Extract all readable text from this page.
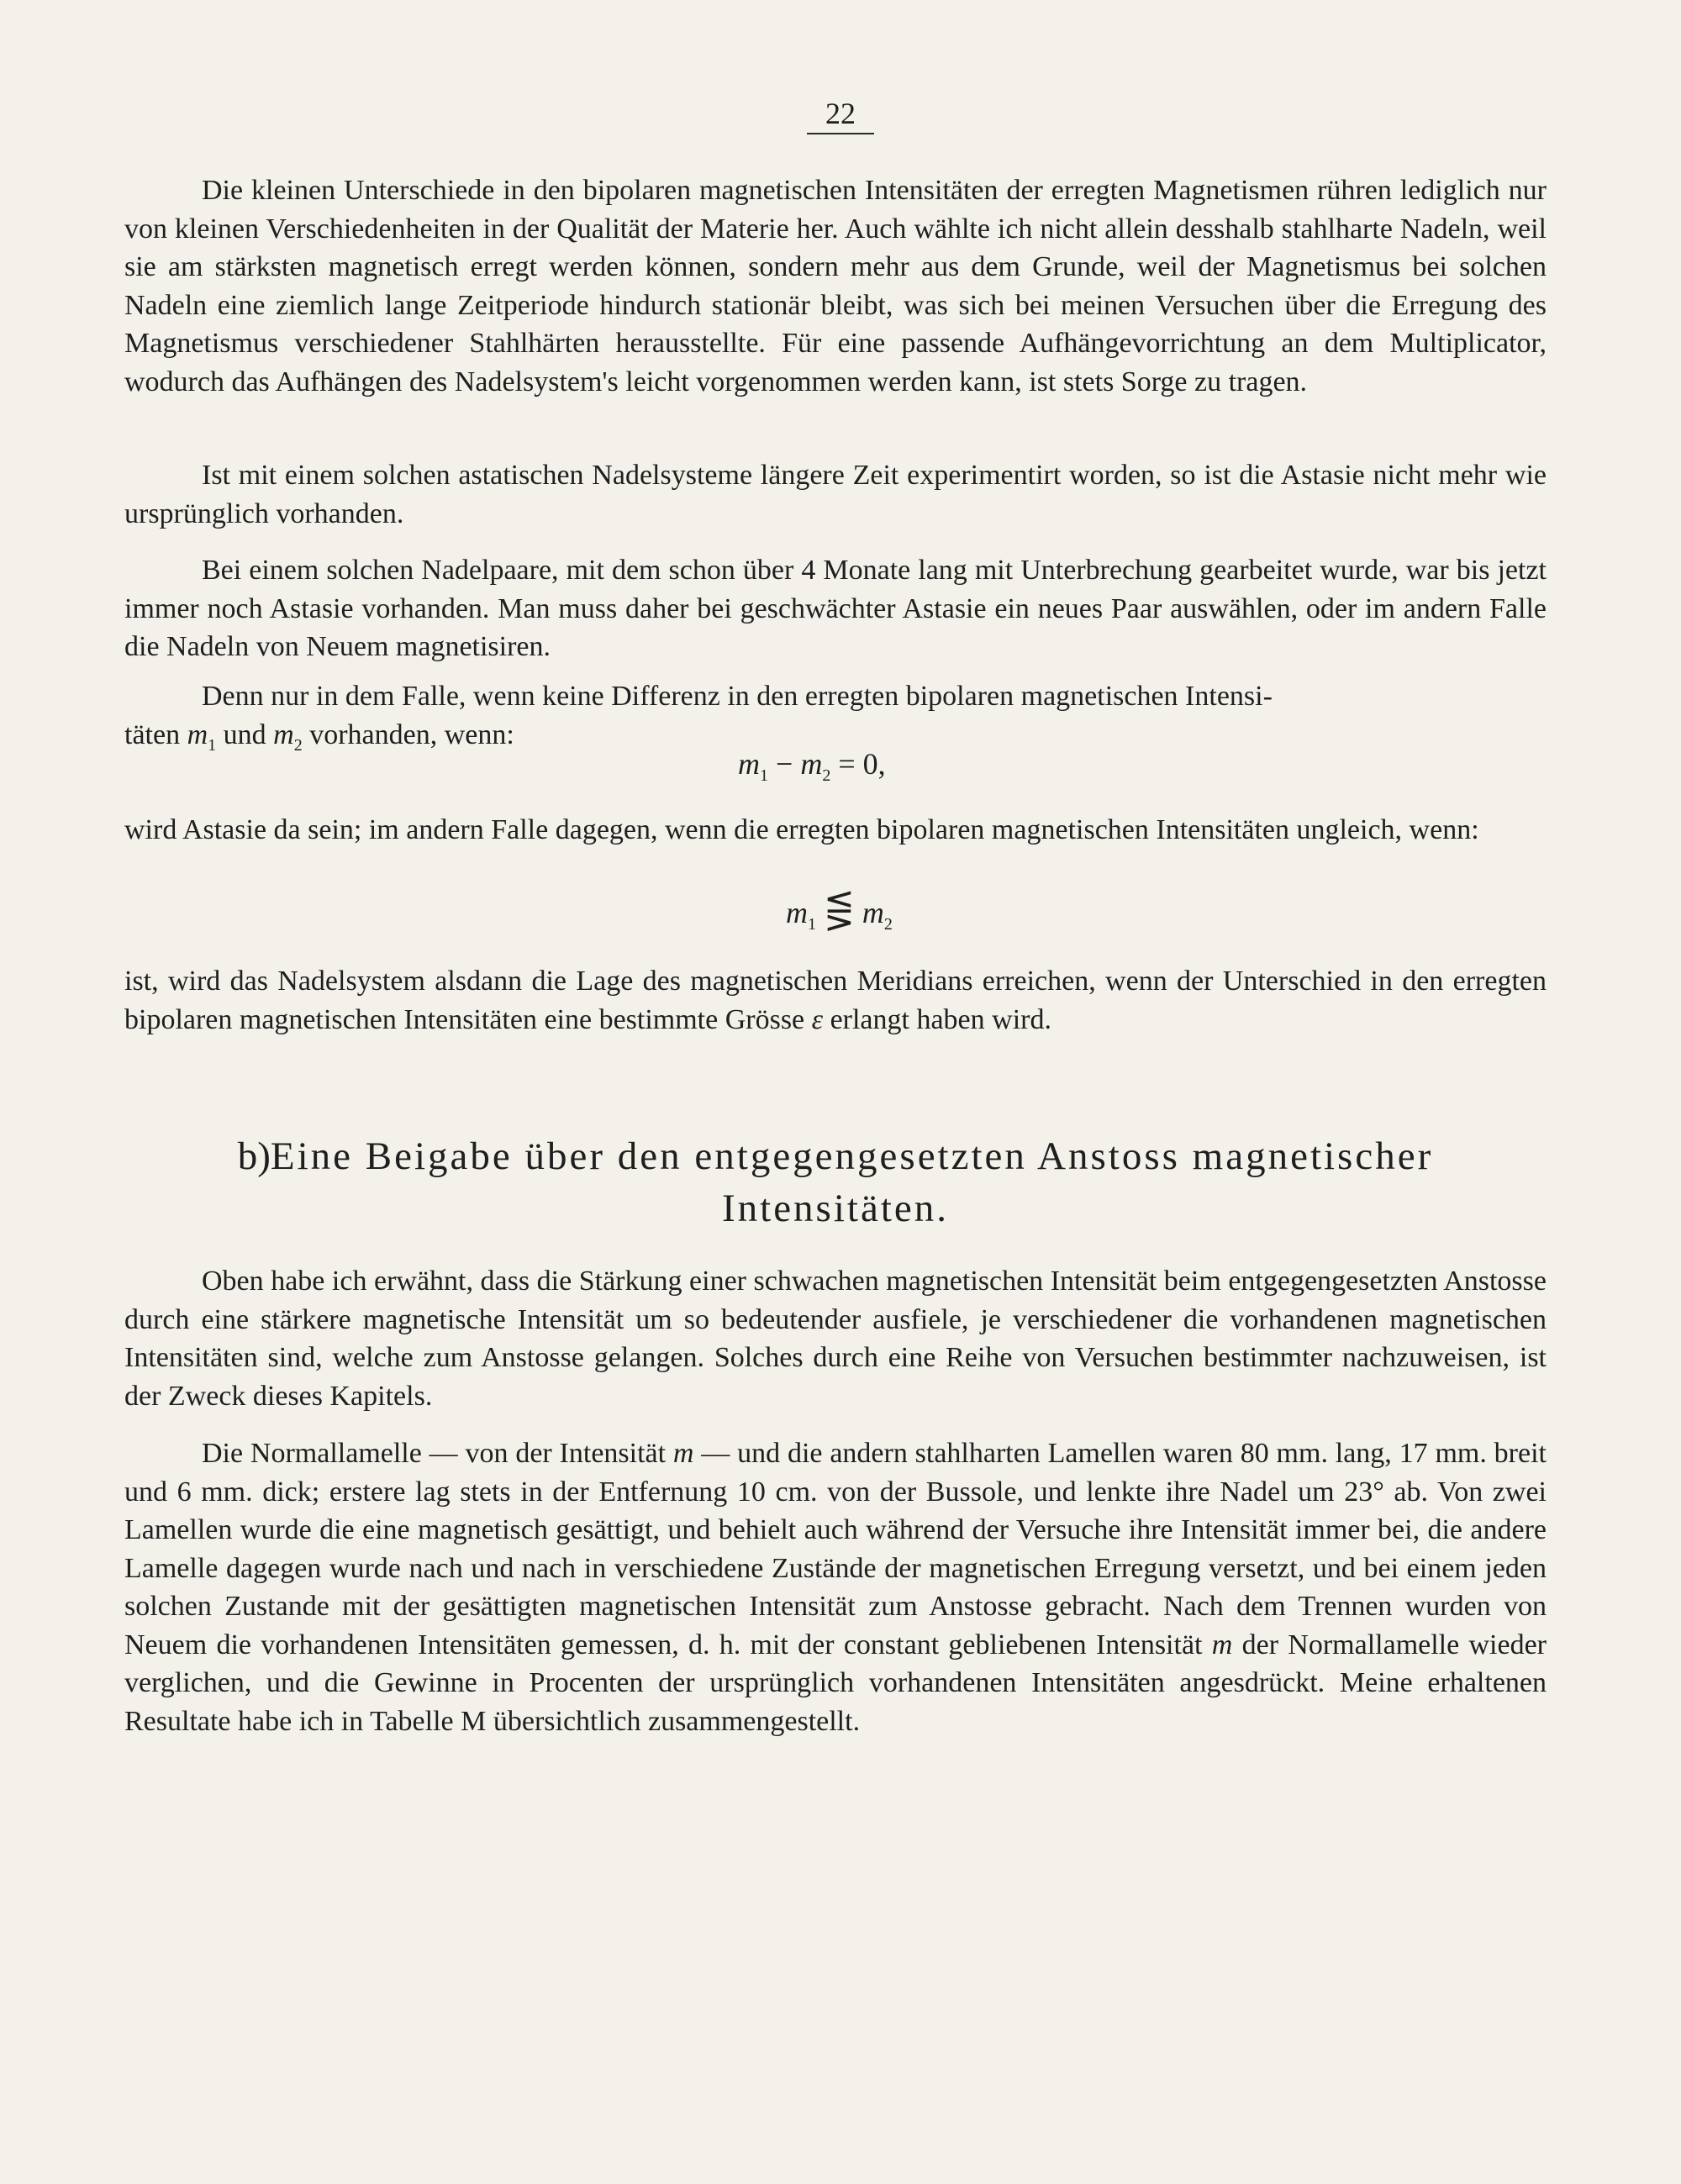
22

Die kleinen Unterschiede in den bipolaren magnetischen Intensitäten der erregten Magnetismen rühren lediglich nur von kleinen Verschiedenheiten in der Qualität der Materie her. Auch wählte ich nicht allein desshalb stahlharte Nadeln, weil sie am stärksten magnetisch erregt werden können, sondern mehr aus dem Grunde, weil der Magnetismus bei solchen Nadeln eine ziemlich lange Zeitperiode hindurch stationär bleibt, was sich bei meinen Versuchen über die Erregung des Magnetismus verschiedener Stahlhärten herausstellte. Für eine passende Aufhängevorrichtung an dem Multiplicator, wodurch das Aufhängen des Nadelsystem's leicht vorgenommen werden kann, ist stets Sorge zu tragen.

Ist mit einem solchen astatischen Nadelsysteme längere Zeit experimentirt worden, so ist die Astasie nicht mehr wie ursprünglich vorhanden.

Bei einem solchen Nadelpaare, mit dem schon über 4 Monate lang mit Unterbrechung gearbeitet wurde, war bis jetzt immer noch Astasie vorhanden. Man muss daher bei geschwächter Astasie ein neues Paar auswählen, oder im andern Falle die Nadeln von Neuem magnetisiren.

Denn nur in dem Falle, wenn keine Differenz in den erregten bipolaren magnetischen Intensi-

täten $m_1$ und $m_2$ vorhanden, wenn:
$m_1 - m_2 = 0$,

wird Astasie da sein; im andern Falle dagegen, wenn die erregten bipolaren magnetischen Intensitäten ungleich, wenn:

$m_1$ ⋚ $m_2$

ist, wird das Nadelsystem alsdann die Lage des magnetischen Meridians erreichen, wenn der Unterschied in den erregten bipolaren magnetischen Intensitäten eine bestimmte Grösse ε erlangt haben wird.

b)Eine Beigabe über den entgegengesetzten Anstoss magnetischer
Intensitäten.

Oben habe ich erwähnt, dass die Stärkung einer schwachen magnetischen Intensität beim entgegengesetzten Anstosse durch eine stärkere magnetische Intensität um so bedeutender ausfiele, je verschiedener die vorhandenen magnetischen Intensitäten sind, welche zum Anstosse gelangen. Solches durch eine Reihe von Versuchen bestimmter nachzuweisen, ist der Zweck dieses Kapitels.

Die Normallamelle — von der Intensität m — und die andern stahlharten Lamellen waren 80 mm. lang, 17 mm. breit und 6 mm. dick; erstere lag stets in der Entfernung 10 cm. von der Bussole, und lenkte ihre Nadel um 23° ab. Von zwei Lamellen wurde die eine magnetisch gesättigt, und behielt auch während der Versuche ihre Intensität immer bei, die andere Lamelle dagegen wurde nach und nach in verschiedene Zustände der magnetischen Erregung versetzt, und bei einem jeden solchen Zustande mit der gesättigten magnetischen Intensität zum Anstosse gebracht. Nach dem Trennen wurden von Neuem die vorhandenen Intensitäten gemessen, d. h. mit der constant gebliebenen Intensität m der Normallamelle wieder verglichen, und die Gewinne in Procenten der ursprünglich vorhandenen Intensitäten angesdrückt. Meine erhaltenen Resultate habe ich in Tabelle M übersichtlich zusammengestellt.
